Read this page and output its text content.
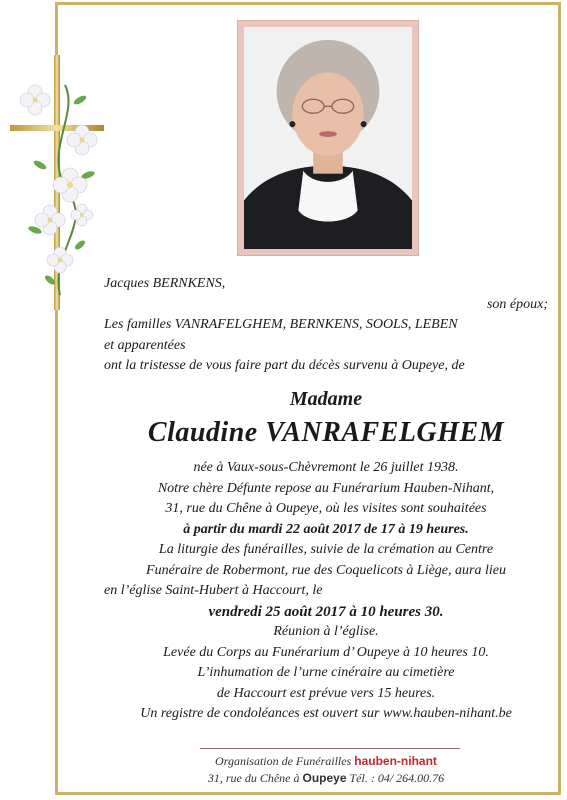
Jacques BERNKENS,
son époux;
Les familles VANRAFELGHEM, BERNKENS, SOOLS, LEBEN
et apparentées
ont la tristesse de vous faire part du décès survenu à Oupeye, de
Madame
Claudine VANRAFELGHEM
née à Vaux-sous-Chèvremont le 26 juillet 1938.
Notre chère Défunte repose au Funérarium Hauben-Nihant,
31, rue du Chêne à Oupeye, où les visites sont souhaitées
à partir du mardi 22 août 2017 de 17 à 19 heures.
La liturgie des funérailles, suivie de la crémation au Centre
Funéraire de Robermont, rue des Coquelicots à Liège, aura lieu
en l’église Saint-Hubert à Haccourt, le
vendredi 25 août 2017 à 10 heures 30.
Réunion à l’église.
Levée du Corps au Funérarium d’ Oupeye à 10 heures 10.
L’inhumation de l’urne cinéraire au cimetière
de Haccourt est prévue vers 15 heures.
Un registre de condoléances est ouvert sur www.hauben-nihant.be
Organisation de Funérailles hauben-nihant
31, rue du Chêne à Oupeye Tél. : 04/ 264.00.76
